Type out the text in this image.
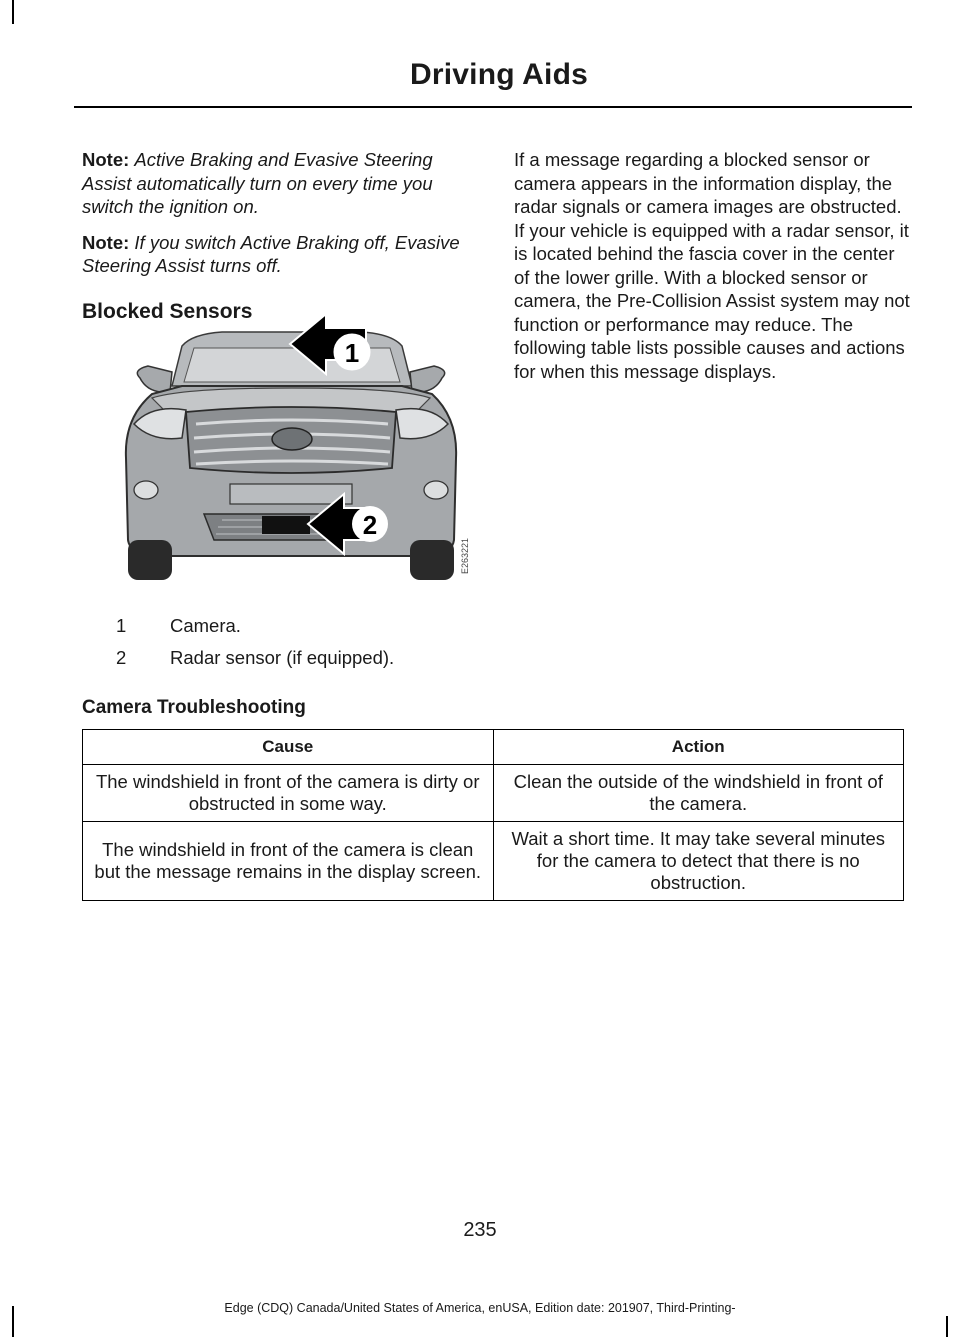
Driving Aids

Note: Active Braking and Evasive Steering Assist automatically turn on every time you switch the ignition on.

Note: If you switch Active Braking off, Evasive Steering Assist turns off.

Blocked Sensors
1
2
E263221
1	Camera.
2	Radar sensor (if equipped).

If a message regarding a blocked sensor or camera appears in the information display, the radar signals or camera images are obstructed. If your vehicle is equipped with a radar sensor, it is located behind the fascia cover in the center of the lower grille. With a blocked sensor or camera, the Pre-Collision Assist system may not function or performance may reduce. The following table lists possible causes and actions for when this message displays.

Camera Troubleshooting
Cause	Action
The windshield in front of the camera is dirty or obstructed in some way.	Clean the outside of the windshield in front of the camera.
The windshield in front of the camera is clean but the message remains in the display screen.	Wait a short time. It may take several minutes for the camera to detect that there is no obstruction.
235
Edge (CDQ) Canada/United States of America, enUSA, Edition date: 201907, Third-Printing-
